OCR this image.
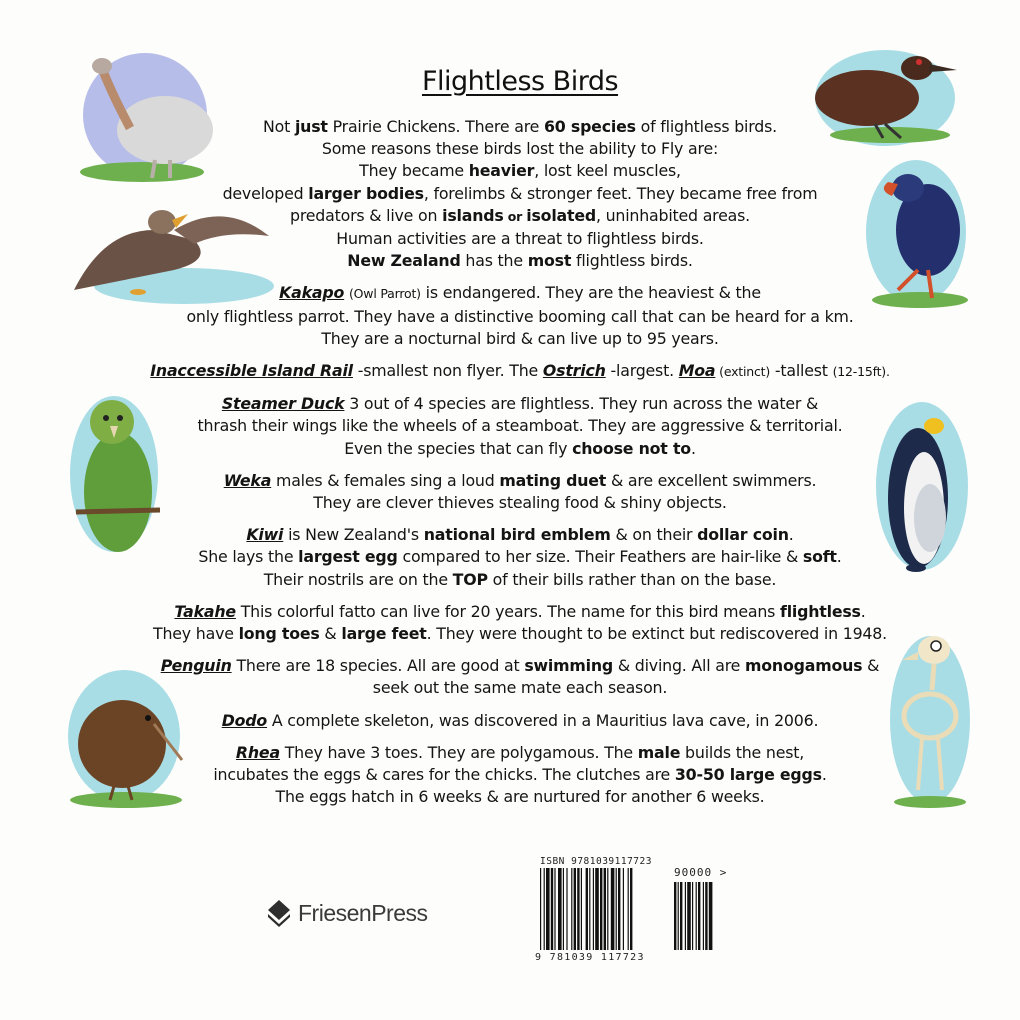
Flightless Birds

Not just Prairie Chickens. There are 60 species of flightless birds.

Some reasons these birds lost the ability to Fly are:

They became heavier, lost keel muscles,

developed larger bodies, forelimbs & stronger feet. They became free from

predators & live on islands or isolated, uninhabited areas.

Human activities are a threat to flightless birds.

New Zealand has the most flightless birds.

Kakapo (Owl Parrot) is endangered. They are the heaviest & the

only flightless parrot. They have a distinctive booming call that can be heard for a km.

They are a nocturnal bird & can live up to 95 years.

Inaccessible Island Rail -smallest non flyer. The Ostrich -largest. Moa (extinct) -tallest (12-15ft).

Steamer Duck 3 out of 4 species are flightless. They run across the water &

thrash their wings like the wheels of a steamboat. They are aggressive & territorial.

Even the species that can fly choose not to.

Weka males & females sing a loud mating duet & are excellent swimmers.

They are clever thieves stealing food & shiny objects.

Kiwi is New Zealand's national bird emblem & on their dollar coin.

She lays the largest egg compared to her size. Their Feathers are hair-like & soft.

Their nostrils are on the TOP of their bills rather than on the base.

Takahe This colorful fatto can live for 20 years. The name for this bird means flightless.

They have long toes & large feet. They were thought to be extinct but rediscovered in 1948.

Penguin There are 18 species. All are good at swimming & diving. All are monogamous &

seek out the same mate each season.

Dodo A complete skeleton, was discovered in a Mauritius lava cave, in 2006.

Rhea They have 3 toes. They are polygamous. The male builds the nest,

incubates the eggs & cares for the chicks. The clutches are 30-50 large eggs.

The eggs hatch in 6 weeks & are nurtured for another 6 weeks.

FriesenPress
ISBN 9781039117723
90000 >
9 781039 117723
